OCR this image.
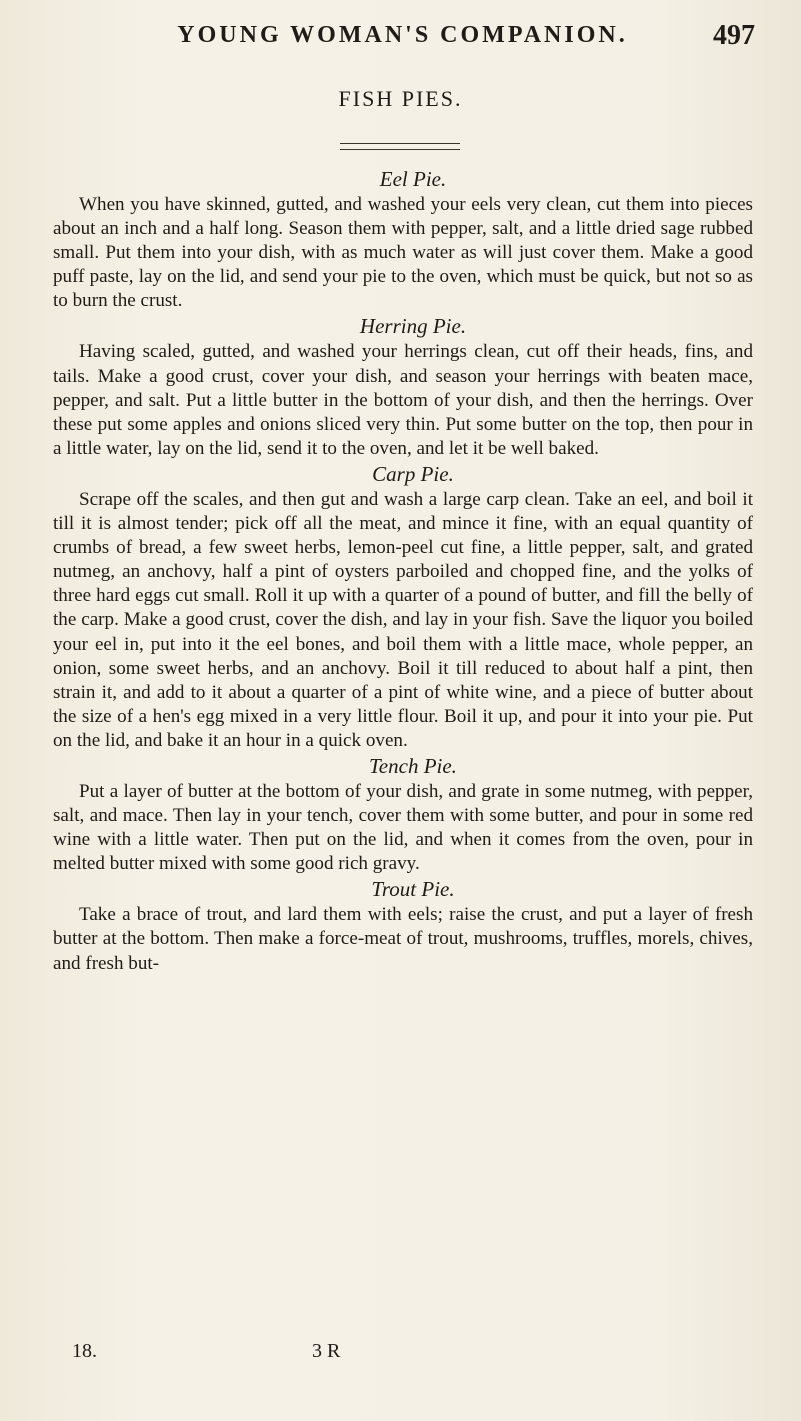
YOUNG WOMAN'S COMPANION.	497
FISH PIES.

Eel Pie.

When you have skinned, gutted, and washed your eels very clean, cut them into pieces about an inch and a half long. Season them with pepper, salt, and a little dried sage rubbed small. Put them into your dish, with as much water as will just cover them. Make a good puff paste, lay on the lid, and send your pie to the oven, which must be quick, but not so as to burn the crust.

Herring Pie.

Having scaled, gutted, and washed your herrings clean, cut off their heads, fins, and tails. Make a good crust, cover your dish, and season your herrings with beaten mace, pepper, and salt. Put a little butter in the bottom of your dish, and then the herrings. Over these put some apples and onions sliced very thin. Put some butter on the top, then pour in a little water, lay on the lid, send it to the oven, and let it be well baked.

Carp Pie.

Scrape off the scales, and then gut and wash a large carp clean. Take an eel, and boil it till it is almost tender; pick off all the meat, and mince it fine, with an equal quantity of crumbs of bread, a few sweet herbs, lemon-peel cut fine, a little pepper, salt, and grated nutmeg, an anchovy, half a pint of oysters parboiled and chopped fine, and the yolks of three hard eggs cut small. Roll it up with a quarter of a pound of butter, and fill the belly of the carp. Make a good crust, cover the dish, and lay in your fish. Save the liquor you boiled your eel in, put into it the eel bones, and boil them with a little mace, whole pepper, an onion, some sweet herbs, and an anchovy. Boil it till reduced to about half a pint, then strain it, and add to it about a quarter of a pint of white wine, and a piece of butter about the size of a hen's egg mixed in a very little flour. Boil it up, and pour it into your pie. Put on the lid, and bake it an hour in a quick oven.

Tench Pie.

Put a layer of butter at the bottom of your dish, and grate in some nutmeg, with pepper, salt, and mace. Then lay in your tench, cover them with some butter, and pour in some red wine with a little water. Then put on the lid, and when it comes from the oven, pour in melted butter mixed with some good rich gravy.

Trout Pie.

Take a brace of trout, and lard them with eels; raise the crust, and put a layer of fresh butter at the bottom. Then make a force-meat of trout, mushrooms, truffles, morels, chives, and fresh but-

18.	3 R
